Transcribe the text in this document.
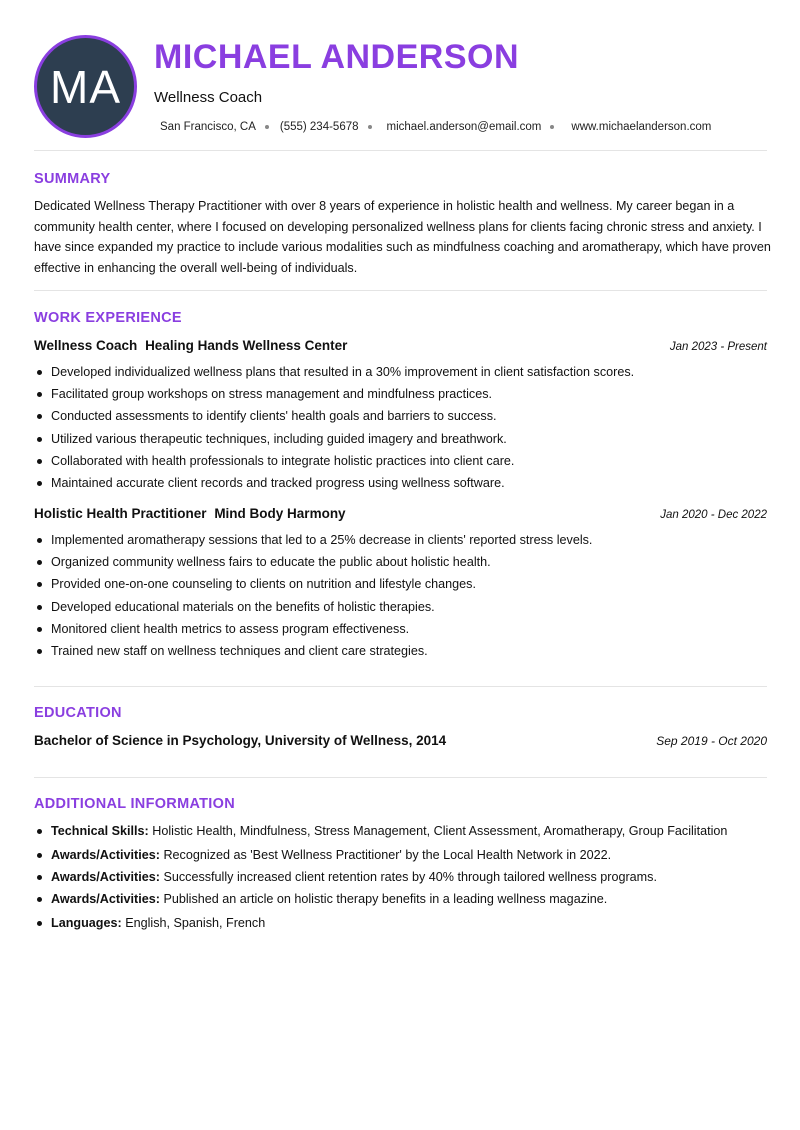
MA
MICHAEL ANDERSON
Wellness Coach
San Francisco, CA (555) 234-5678 michael.anderson@email.com	www.michaelanderson.com
SUMMARY
Dedicated Wellness Therapy Practitioner with over 8 years of experience in holistic health and wellness. My career began in a community health center, where I focused on developing personalized wellness plans for clients facing chronic stress and anxiety. I have since expanded my practice to include various modalities such as mindfulness coaching and aromatherapy, which have proven effective in enhancing the overall well-being of individuals.
WORK EXPERIENCE
Wellness Coach Healing Hands Wellness Center	Jan 2023 - Present
Developed individualized wellness plans that resulted in a 30% improvement in client satisfaction scores.
Facilitated group workshops on stress management and mindfulness practices.
Conducted assessments to identify clients' health goals and barriers to success.
Utilized various therapeutic techniques, including guided imagery and breathwork.
Collaborated with health professionals to integrate holistic practices into client care.
Maintained accurate client records and tracked progress using wellness software.
Holistic Health Practitioner Mind Body Harmony	Jan 2020 - Dec 2022
Implemented aromatherapy sessions that led to a 25% decrease in clients' reported stress levels.
Organized community wellness fairs to educate the public about holistic health.
Provided one-on-one counseling to clients on nutrition and lifestyle changes.
Developed educational materials on the benefits of holistic therapies.
Monitored client health metrics to assess program effectiveness.
Trained new staff on wellness techniques and client care strategies.
EDUCATION
Bachelor of Science in Psychology, University of Wellness, 2014	Sep 2019 - Oct 2020
ADDITIONAL INFORMATION
Technical Skills: Holistic Health, Mindfulness, Stress Management, Client Assessment, Aromatherapy, Group Facilitation
Awards/Activities: Recognized as 'Best Wellness Practitioner' by the Local Health Network in 2022.
Awards/Activities: Successfully increased client retention rates by 40% through tailored wellness programs.
Awards/Activities: Published an article on holistic therapy benefits in a leading wellness magazine.
Languages: English, Spanish, French
